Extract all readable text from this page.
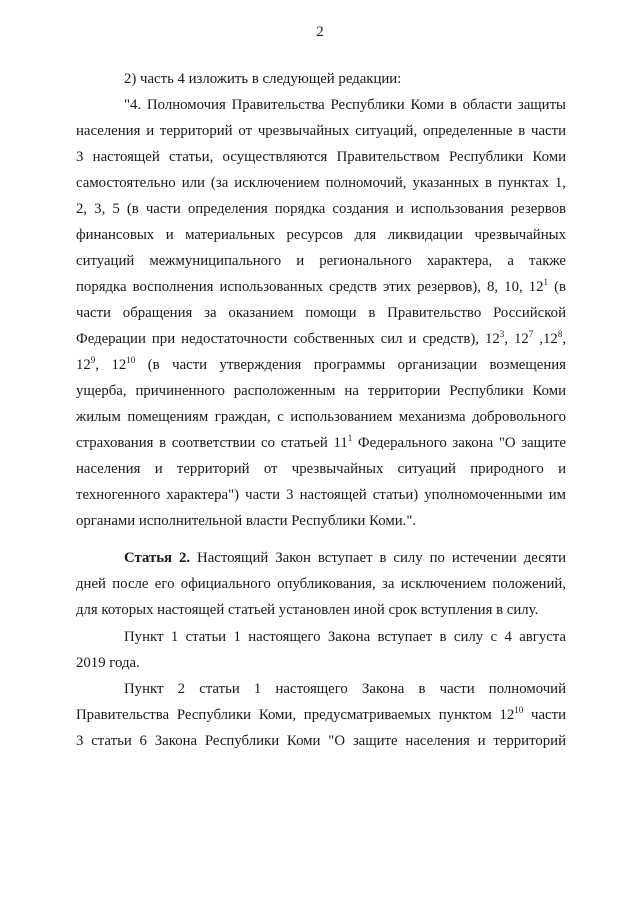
2
2) часть 4 изложить в следующей редакции:
"4. Полномочия Правительства Республики Коми в области защиты
населения и территорий от чрезвычайных ситуаций, определенные в части
3 настоящей статьи, осуществляются Правительством Республики Коми
самостоятельно или (за исключением полномочий, указанных в пунктах 1,
2, 3, 5 (в части определения порядка создания и использования резервов
финансовых и материальных ресурсов для ликвидации чрезвычайных
ситуаций межмуниципального и регионального характера, а также
порядка восполнения использованных средств этих резервов), 8, 10, $12^1$ (в
части обращения за оказанием помощи в Правительство Российской
Федерации при недостаточности собственных сил и средств), $12^3$, $12^7$ $,12^8$,
$12^9$, $12^{10}$ (в части утверждения программы организации возмещения
ущерба, причиненного расположенным на территории Республики Коми
жилым помещениям граждан, с использованием механизма добровольного
страхования в соответствии со статьей $11^1$ Федерального закона "О защите
населения и территорий от чрезвычайных ситуаций природного и
техногенного характера") части 3 настоящей статьи) уполномоченными им
органами исполнительной власти Республики Коми.".
Статья 2. Настоящий Закон вступает в силу по истечении десяти
дней после его официального опубликования, за исключением положений,
для которых настоящей статьей установлен иной срок вступления в силу.
Пункт 1 статьи 1 настоящего Закона вступает в силу с 4 августа
2019 года.
Пункт 2 статьи 1 настоящего Закона в части полномочий
Правительства Республики Коми, предусматриваемых пунктом $12^{10}$ части
3 статьи 6 Закона Республики Коми "О защите населения и территорий
